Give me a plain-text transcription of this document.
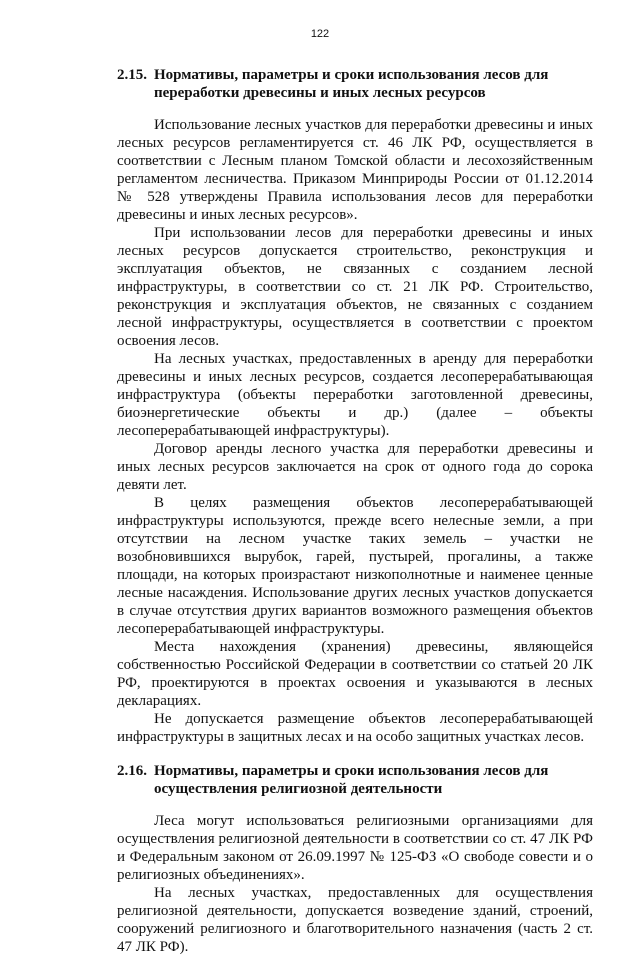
122
2.15. Нормативы, параметры и сроки использования лесов для переработки древесины и иных лесных ресурсов

Использование лесных участков для переработки древесины и иных лесных ресурсов регламентируется ст. 46 ЛК РФ, осуществляется в соответствии с Лесным планом Томской области и лесохозяйственным регламентом лесничества. Приказом Минприроды России от 01.12.2014 № 528 утверждены Правила использования лесов для переработки древесины и иных лесных ресурсов».

При использовании лесов для переработки древесины и иных лесных ресурсов допускается строительство, реконструкция и эксплуатация объектов, не связанных с созданием лесной инфраструктуры, в соответствии со ст. 21 ЛК РФ. Строительство, реконструкция и эксплуатация объектов, не связанных с созданием лесной инфраструктуры, осуществляется в соответствии с проектом освоения лесов.

На лесных участках, предоставленных в аренду для переработки древесины и иных лесных ресурсов, создается лесоперерабатывающая инфраструктура (объекты переработки заготовленной древесины, биоэнергетические объекты и др.) (далее – объекты лесоперерабатывающей инфраструктуры).

Договор аренды лесного участка для переработки древесины и иных лесных ресурсов заключается на срок от одного года до сорока девяти лет.

В целях размещения объектов лесоперерабатывающей инфраструктуры используются, прежде всего нелесные земли, а при отсутствии на лесном участке таких земель – участки не возобновившихся вырубок, гарей, пустырей, прогалины, а также площади, на которых произрастают низкополнотные и наименее ценные лесные насаждения. Использование других лесных участков допускается в случае отсутствия других вариантов возможного размещения объектов лесоперерабатывающей инфраструктуры.

Места нахождения (хранения) древесины, являющейся собственностью Российской Федерации в соответствии со статьей 20 ЛК РФ, проектируются в проектах освоения и указываются в лесных декларациях.

Не допускается размещение объектов лесоперерабатывающей инфраструктуры в защитных лесах и на особо защитных участках лесов.

2.16. Нормативы, параметры и сроки использования лесов для осуществления религиозной деятельности

Леса могут использоваться религиозными организациями для осуществления религиозной деятельности в соответствии со ст. 47 ЛК РФ и Федеральным законом от 26.09.1997 № 125-ФЗ «О свободе совести и о религиозных объединениях».

На лесных участках, предоставленных для осуществления религиозной деятельности, допускается возведение зданий, строений, сооружений религиозного и благотворительного назначения (часть 2 ст. 47 ЛК РФ).
